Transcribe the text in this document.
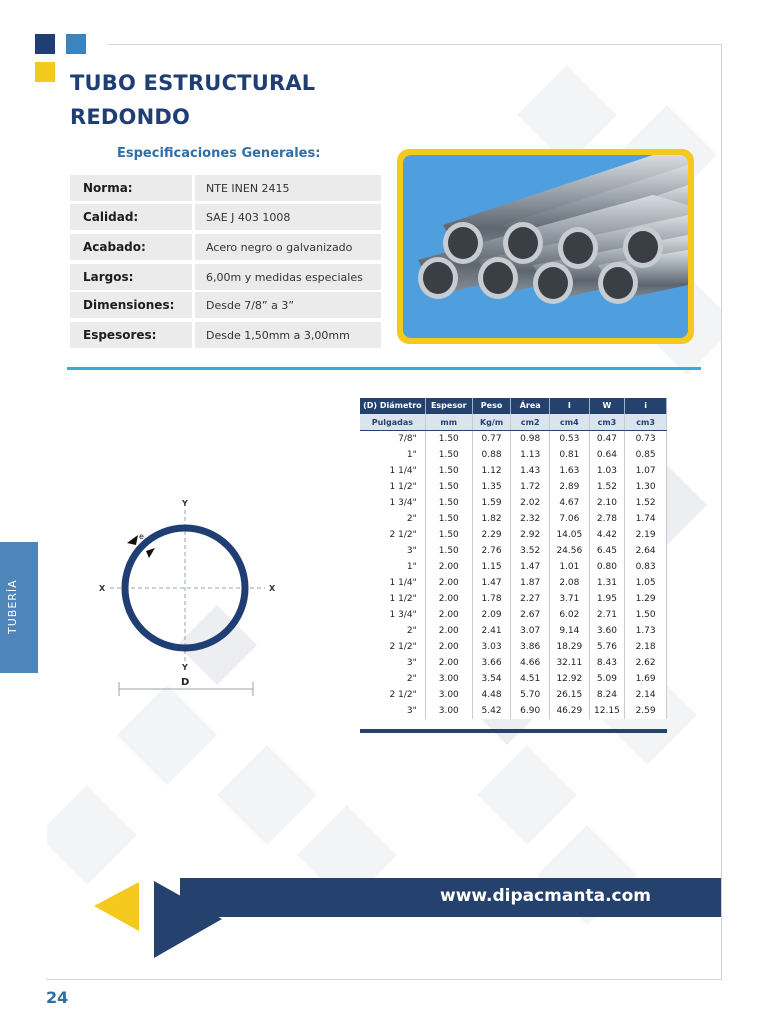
TUBO ESTRUCTURAL
REDONDO
Especificaciones Generales:
Norma:	NTE INEN 2415
Calidad:	SAE J 403 1008
Acabado:	Acero negro o galvanizado
Largos:	6,00m y medidas especiales
Dimensiones:	Desde 7/8” a 3”
Espesores:	Desde 1,50mm a 3,00mm
TUBERÍA
e
X	X
Y
Y
D
(D) Diámetro	Espesor	Peso	Área	I	W	i
Pulgadas	mm	Kg/m	cm2	cm4	cm3	cm3
7/8"	1.50	0.77	0.98	0.53	0.47	0.73
1"	1.50	0.88	1.13	0.81	0.64	0.85
1 1/4"	1.50	1.12	1.43	1.63	1.03	1.07
1 1/2"	1.50	1.35	1.72	2.89	1.52	1.30
1 3/4"	1.50	1.59	2.02	4.67	2.10	1.52
2"	1.50	1.82	2.32	7.06	2.78	1.74
2 1/2"	1.50	2.29	2.92	14.05	4.42	2.19
3"	1.50	2.76	3.52	24.56	6.45	2.64
1"	2.00	1.15	1.47	1.01	0.80	0.83
1 1/4"	2.00	1.47	1.87	2.08	1.31	1.05
1 1/2"	2.00	1.78	2.27	3.71	1.95	1.29
1 3/4"	2.00	2.09	2.67	6.02	2.71	1.50
2"	2.00	2.41	3.07	9.14	3.60	1.73
2 1/2"	2.00	3.03	3.86	18.29	5.76	2.18
3"	2.00	3.66	4.66	32.11	8.43	2.62
2"	3.00	3.54	4.51	12.92	5.09	1.69
2 1/2"	3.00	4.48	5.70	26.15	8.24	2.14
3"	3.00	5.42	6.90	46.29	12.15	2.59
www.dipacmanta.com
24
